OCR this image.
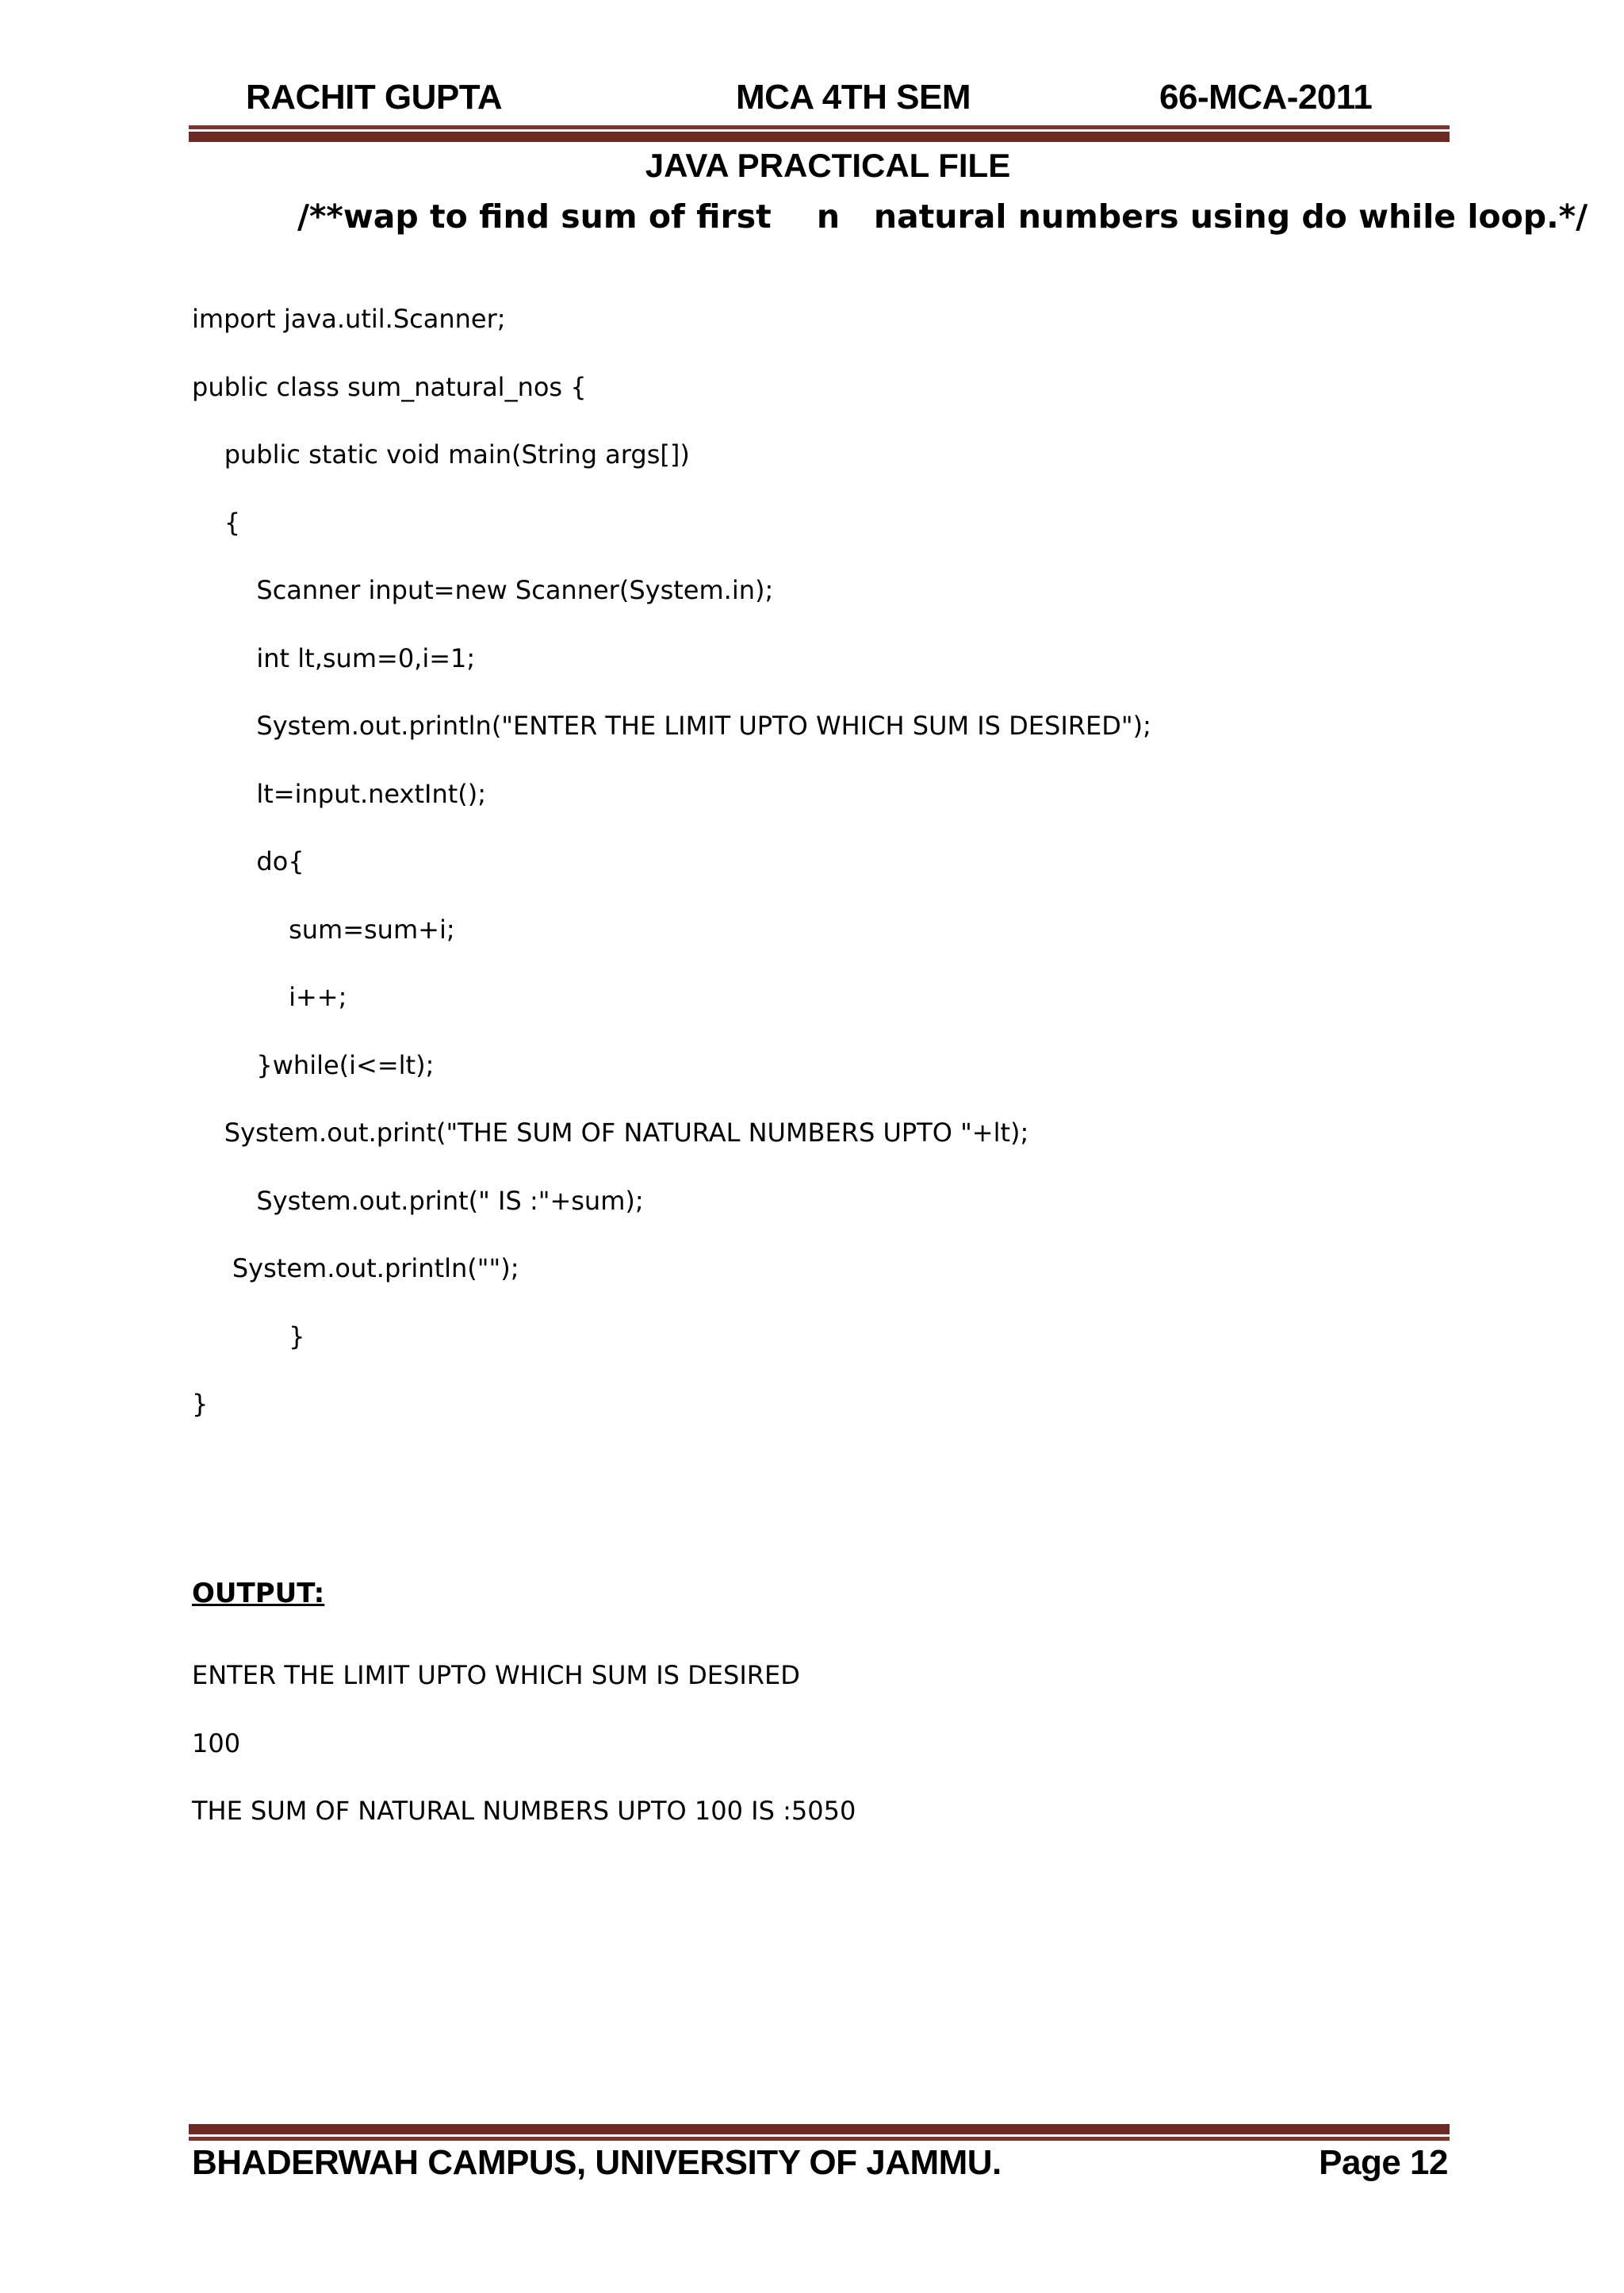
RACHIT GUPTA	MCA 4TH SEM	66-MCA-2011
JAVA PRACTICAL FILE
/**wap to find sum of first    n   natural numbers using do while loop.*/
import java.util.Scanner;
public class sum_natural_nos {
public static void main(String args[])
{
Scanner input=new Scanner(System.in);
int lt,sum=0,i=1;
System.out.println("ENTER THE LIMIT UPTO WHICH SUM IS DESIRED");
lt=input.nextInt();
do{
sum=sum+i;
i++;
}while(i<=lt);
System.out.print("THE SUM OF NATURAL NUMBERS UPTO "+lt);
System.out.print(" IS :"+sum);
System.out.println("");
}
}
OUTPUT:
ENTER THE LIMIT UPTO WHICH SUM IS DESIRED
100
THE SUM OF NATURAL NUMBERS UPTO 100 IS :5050
BHADERWAH CAMPUS, UNIVERSITY OF JAMMU.	Page 12
